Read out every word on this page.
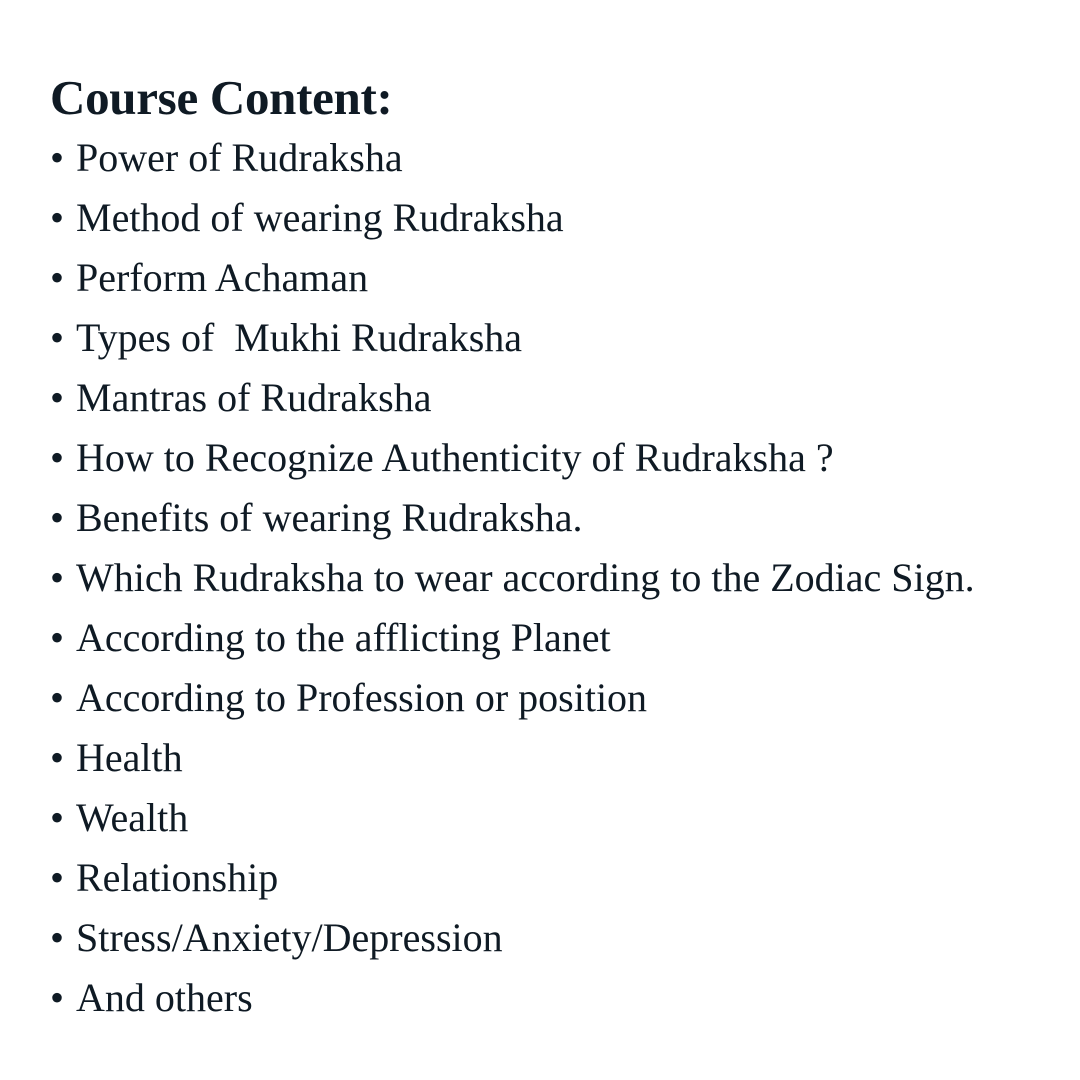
Course Content:
• Power of Rudraksha
• Method of wearing Rudraksha
• Perform Achaman
• Types of  Mukhi Rudraksha
• Mantras of Rudraksha
• How to Recognize Authenticity of Rudraksha ?
• Benefits of wearing Rudraksha.
• Which Rudraksha to wear according to the Zodiac Sign.
• According to the afflicting Planet
• According to Profession or position
• Health
• Wealth
• Relationship
• Stress/Anxiety/Depression
• And others
